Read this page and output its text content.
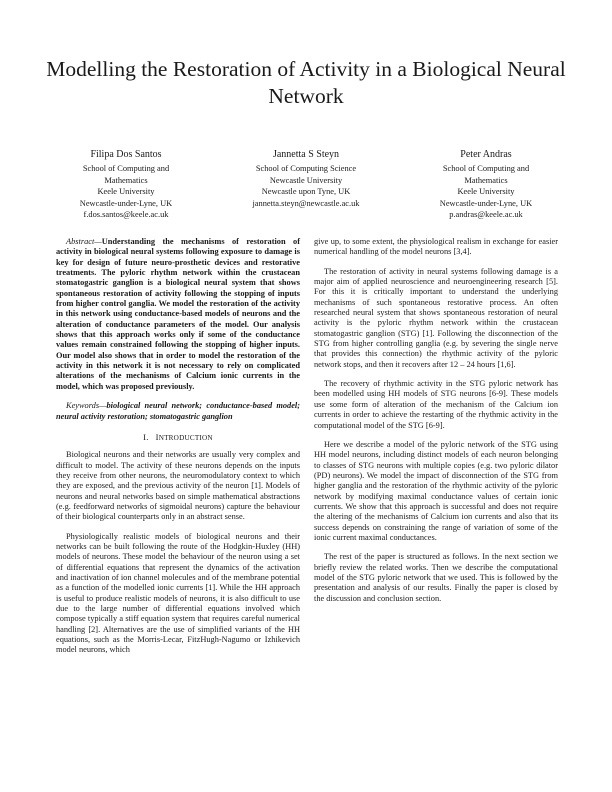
Modelling the Restoration of Activity in a Biological Neural Network
Filipa Dos Santos
School of Computing and
Mathematics
Keele University
Newcastle-under-Lyne, UK
f.dos.santos@keele.ac.uk
Jannetta S Steyn
School of Computing Science
Newcastle University
Newcastle upon Tyne, UK
jannetta.steyn@newcastle.ac.uk
Peter Andras
School of Computing and
Mathematics
Keele University
Newcastle-under-Lyne, UK
p.andras@keele.ac.uk

Abstract—Understanding the mechanisms of restoration of activity in biological neural systems following exposure to damage is key for design of future neuro-prosthetic devices and restorative treatments. The pyloric rhythm network within the crustacean stomatogastric ganglion is a biological neural system that shows spontaneous restoration of activity following the stopping of inputs from higher control ganglia. We model the restoration of the activity in this network using conductance-based models of neurons and the alteration of conductance parameters of the model. Our analysis shows that this approach works only if some of the conductance values remain constrained following the stopping of higher inputs. Our model also shows that in order to model the restoration of the activity in this network it is not necessary to rely on complicated alterations of the mechanisms of Calcium ionic currents in the model, which was proposed previously.

Keywords—biological neural network; conductance-based model; neural activity restoration; stomatogastric ganglion

I. INTRODUCTION

Biological neurons and their networks are usually very complex and difficult to model. The activity of these neurons depends on the inputs they receive from other neurons, the neuromodulatory context to which they are exposed, and the previous activity of the neuron [1]. Models of neurons and neural networks based on simple mathematical abstractions (e.g. feedforward networks of sigmoidal neurons) capture the behaviour of their biological counterparts only in an abstract sense.

Physiologically realistic models of biological neurons and their networks can be built following the route of the Hodgkin-Huxley (HH) models of neurons. These model the behaviour of the neuron using a set of differential equations that represent the dynamics of the activation and inactivation of ion channel molecules and of the membrane potential as a function of the modelled ionic currents [1]. While the HH approach is useful to produce realistic models of neurons, it is also difficult to use due to the large number of differential equations involved which compose typically a stiff equation system that requires careful numerical handling [2]. Alternatives are the use of simplified variants of the HH equations, such as the Morris-Lecar, FitzHugh-Nagumo or Izhikevich model neurons, which

give up, to some extent, the physiological realism in exchange for easier numerical handling of the model neurons [3,4].

The restoration of activity in neural systems following damage is a major aim of applied neuroscience and neuroengineering research [5]. For this it is critically important to understand the underlying mechanisms of such spontaneous restorative process. An often researched neural system that shows spontaneous restoration of neural activity is the pyloric rhythm network within the crustacean stomatogastric ganglion (STG) [1]. Following the disconnection of the STG from higher controlling ganglia (e.g. by severing the single nerve that provides this connection) the rhythmic activity of the pyloric network stops, and then it recovers after 12 – 24 hours [1,6].

The recovery of rhythmic activity in the STG pyloric network has been modelled using HH models of STG neurons [6-9]. These models use some form of alteration of the mechanism of the Calcium ion currents in order to achieve the restarting of the rhythmic activity in the computational model of the STG [6-9].

Here we describe a model of the pyloric network of the STG using HH model neurons, including distinct models of each neuron belonging to classes of STG neurons with multiple copies (e.g. two pyloric dilator (PD) neurons). We model the impact of disconnection of the STG from higher ganglia and the restoration of the rhythmic activity of the pyloric network by modifying maximal conductance values of certain ionic currents. We show that this approach is successful and does not require the altering of the mechanisms of Calcium ion currents and also that its success depends on constraining the range of variation of some of the ionic current maximal conductances.

The rest of the paper is structured as follows. In the next section we briefly review the related works. Then we describe the computational model of the STG pyloric network that we used. This is followed by the presentation and analysis of our results. Finally the paper is closed by the discussion and conclusion section.
